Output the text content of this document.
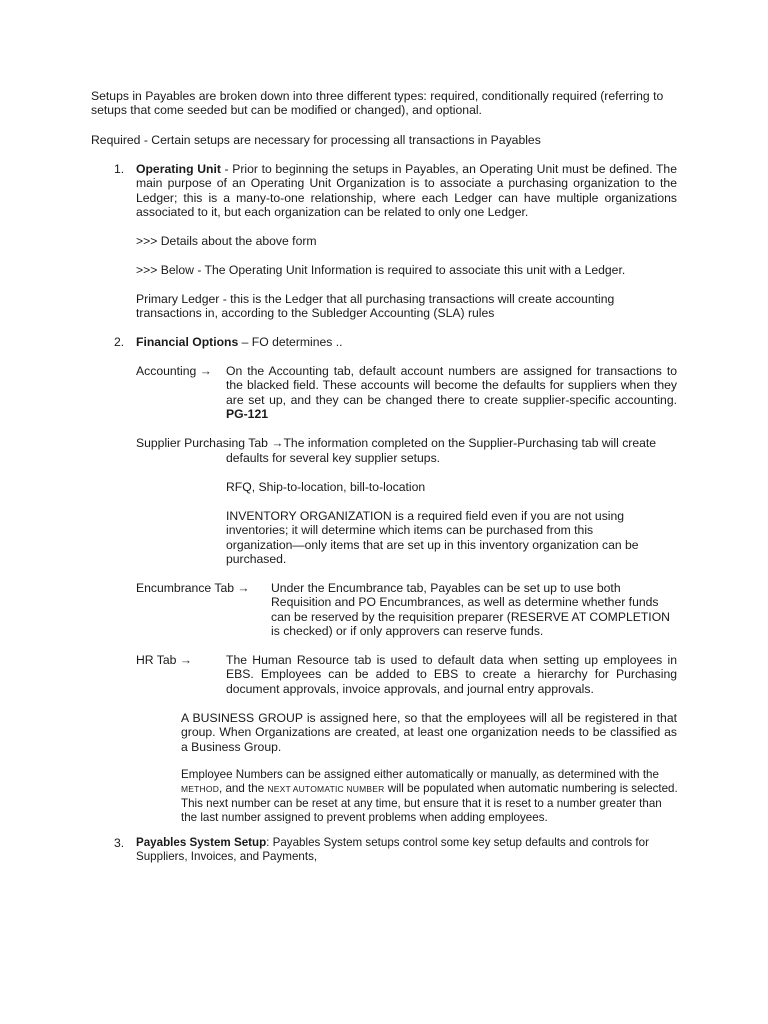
Setups in Payables are broken down into three different types: required, conditionally required (referring to setups that come seeded but can be modified or changed), and optional.

Required - Certain setups are necessary for processing all transactions in Payables

1. Operating Unit - Prior to beginning the setups in Payables, an Operating Unit must be defined. The main purpose of an Operating Unit Organization is to associate a purchasing organization to the Ledger; this is a many-to-one relationship, where each Ledger can have multiple organizations associated to it, but each organization can be related to only one Ledger.

>>> Details about the above form

>>> Below - The Operating Unit Information is required to associate this unit with a Ledger.

Primary Ledger - this is the Ledger that all purchasing transactions will create accounting transactions in, according to the Subledger Accounting (SLA) rules

2. Financial Options – FO determines ..

Accounting → On the Accounting tab, default account numbers are assigned for transactions to the blacked field. These accounts will become the defaults for suppliers when they are set up, and they can be changed there to create supplier-specific accounting. PG-121

Supplier Purchasing Tab →The information completed on the Supplier-Purchasing tab will create

defaults for several key supplier setups.

RFQ, Ship-to-location, bill-to-location

INVENTORY ORGANIZATION is a required field even if you are not using inventories; it will determine which items can be purchased from this organization—only items that are set up in this inventory organization can be purchased.

Encumbrance Tab → Under the Encumbrance tab, Payables can be set up to use both Requisition and PO Encumbrances, as well as determine whether funds can be reserved by the requisition preparer (RESERVE AT COMPLETION is checked) or if only approvers can reserve funds.

HR Tab →	The Human Resource tab is used to default data when setting up employees in EBS. Employees can be added to EBS to create a hierarchy for Purchasing document approvals, invoice approvals, and journal entry approvals.

A BUSINESS GROUP is assigned here, so that the employees will all be registered in that group. When Organizations are created, at least one organization needs to be classified as a Business Group.

Employee Numbers can be assigned either automatically or manually, as determined with the METHOD, and the NEXT AUTOMATIC NUMBER will be populated when automatic numbering is selected. This next number can be reset at any time, but ensure that it is reset to a number greater than the last number assigned to prevent problems when adding employees.

3. Payables System Setup: Payables System setups control some key setup defaults and controls for Suppliers, Invoices, and Payments,
